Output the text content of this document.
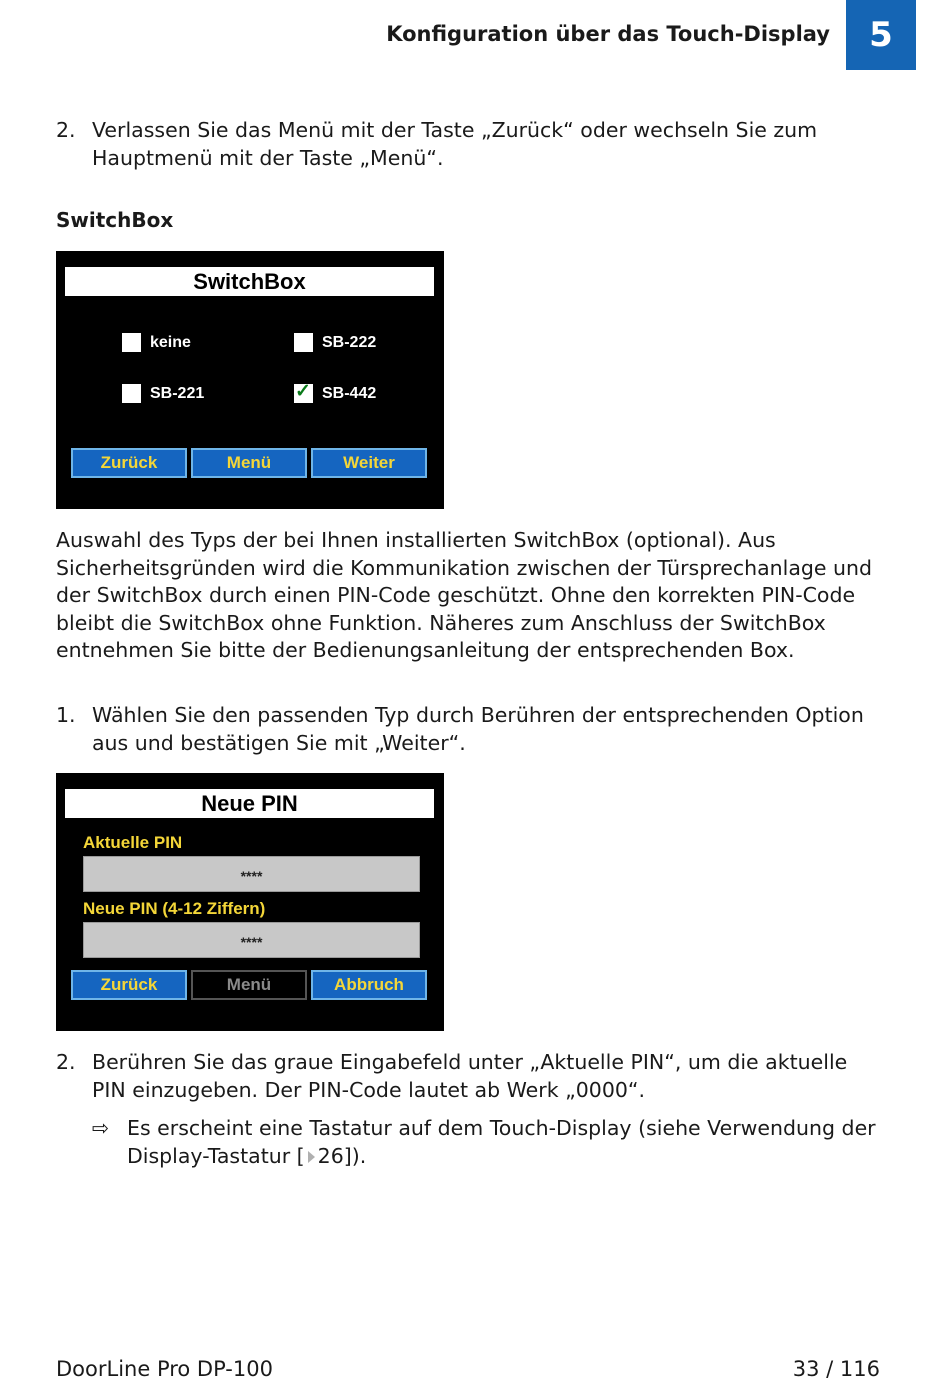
Konfiguration über das Touch-Display	5
2. Verlassen Sie das Menü mit der Taste „Zurück“ oder wechseln Sie zum Hauptmenü mit der Taste „Menü“.
SwitchBox
SwitchBox
keine	SB-222
SB-221	✓ SB-442
Zurück	Menü	Weiter
Auswahl des Typs der bei Ihnen installierten SwitchBox (optional). Aus Sicherheitsgründen wird die Kommunikation zwischen der Türsprechanlage und der SwitchBox durch einen PIN-Code geschützt. Ohne den korrekten PIN-Code bleibt die SwitchBox ohne Funktion. Näheres zum Anschluss der SwitchBox entnehmen Sie bitte der Bedienungsanleitung der entsprechenden Box.
1. Wählen Sie den passenden Typ durch Berühren der entsprechenden Option aus und bestätigen Sie mit „Weiter“.
Neue PIN
Aktuelle PIN
****
Neue PIN (4-12 Ziffern)
****
Zurück	Menü	Abbruch
2. Berühren Sie das graue Eingabefeld unter „Aktuelle PIN“, um die aktuelle PIN einzugeben. Der PIN-Code lautet ab Werk „0000“.
⇨ Es erscheint eine Tastatur auf dem Touch-Display (siehe Verwendung der Display-Tastatur [ 26]).
DoorLine Pro DP-100	33 / 116
